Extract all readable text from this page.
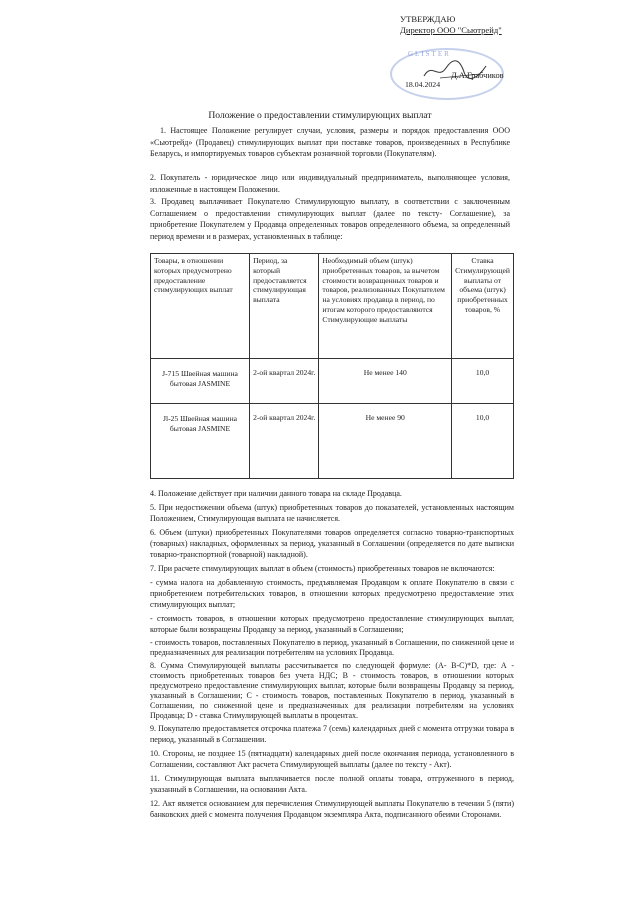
УТВЕРЖДАЮ
Директор ООО "Сьютрейд"
GLISTER
Д.А.Грабчиков
18.04.2024
Положение о предоставлении стимулирующих выплат
1. Настоящее Положение регулирует случаи, условия, размеры и порядок предоставления ООО «Сьютрейд» (Продавец) стимулирующих выплат при поставке товаров, произведенных в Республике Беларусь, и импортируемых товаров субъектам розничной торговли (Покупателям).
2. Покупатель - юридическое лицо или индивидуальный предприниматель, выполняющее условия, изложенные в настоящем Положении.
3. Продавец выплачивает Покупателю Стимулирующую выплату, в соответствии с заключенным Соглашением о предоставлении стимулирующих выплат (далее по тексту- Соглашение), за приобретение Покупателем у Продавца определенных товаров определенного объема, за определенный период времени и в размерах, установленных в таблице:
Товары, в отношении которых предусмотрено предоставление стимулирующих выплат	Период, за который предоставляется стимулирующая выплата	Необходимый объем (штук) приобретенных товаров, за вычетом стоимости возвращенных товаров и товаров, реализованных Покупателем на условиях продавца в период, по итогам которого предоставляются Стимулирующие выплаты	Ставка Стимулирующей выплаты от объема (штук) приобретенных товаров, %
J-715 Швейная машина бытовая JASMINE	2-ой квартал 2024г.	Не менее 140	10,0
Jl-25 Швейная машина бытовая JASMINE	2-ой квартал 2024г.	Не менее 90	10,0

4. Положение действует при наличии данного товара на складе Продавца.

5. При недостижении объема (штук) приобретенных товаров до показателей, установленных настоящим Положением, Стимулирующая выплата не начисляется.

6. Объем (штуки) приобретенных Покупателями товаров определяется согласно товарно-транспортных (товарных) накладных, оформленных за период, указанный в Соглашении (определяется по дате выписки товарно-транспортной (товарной) накладной).

7. При расчете стимулирующих выплат в объем (стоимость) приобретенных товаров не включаются:

- сумма налога на добавленную стоимость, предъявляемая Продавцом к оплате Покупателю в связи с приобретением потребительских товаров, в отношении которых предусмотрено предоставление этих стимулирующих выплат;

- стоимость товаров, в отношении которых предусмотрено предоставление стимулирующих выплат, которые были возвращены Продавцу за период, указанный в Соглашении;

- стоимость товаров, поставленных Покупателю в период, указанный в Соглашении, по сниженной цене и предназначенных для реализации потребителям на условиях Продавца.

8. Сумма Стимулирующей выплаты рассчитывается по следующей формуле: (А- В-С)*D, где: А - стоимость приобретенных товаров без учета НДС; В - стоимость товаров, в отношении которых предусмотрено предоставление стимулирующих выплат, которые были возвращены Продавцу за период, указанный в Соглашении; С - стоимость товаров, поставленных Покупателю в период, указанный в Соглашении, по сниженной цене и предназначенных для реализации потребителям на условиях Продавца; D - ставка Стимулирующей выплаты в процентах.

9. Покупателю предоставляется отсрочка платежа 7 (семь) календарных дней с момента отгрузки товара в период, указанный в Соглашении.

10. Стороны, не позднее 15 (пятнадцати) календарных дней после окончания периода, установленного в Соглашении, составляют Акт расчета Стимулирующей выплаты (далее по тексту - Акт).

11. Стимулирующая выплата выплачивается после полной оплаты товара, отгруженного в период, указанный в Соглашении, на основании Акта.

12. Акт является основанием для перечисления Стимулирующей выплаты Покупателю в течении 5 (пяти) банковских дней с момента получения Продавцом экземпляра Акта, подписанного обеими Сторонами.
